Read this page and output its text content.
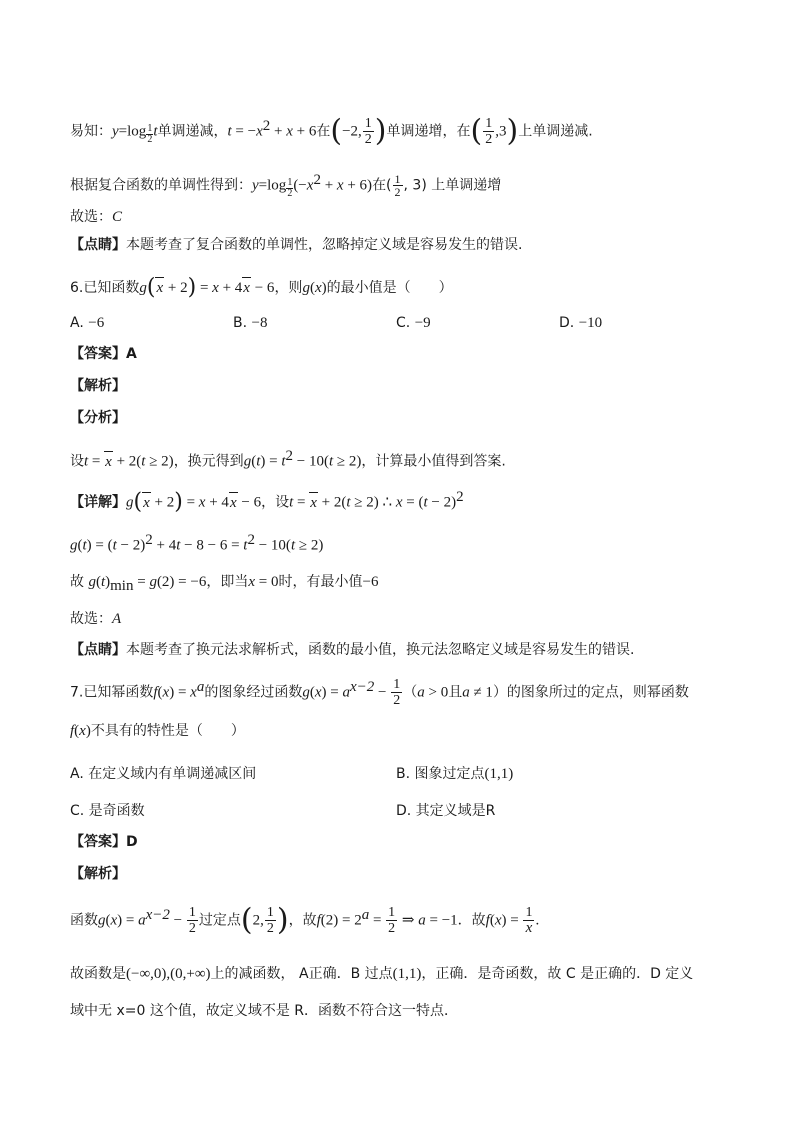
易知：$y=\log \frac{1}{2}$ t单调递减，$t = -x^2 + x + 6$在(−2, $\frac{1}{2}$ )单调递增，在( $\frac{1}{2} ,3$)上单调递减.
根据复合函数的单调性得到：$y=\log \frac{1}{2} (-x^2 + x + 6)$在( $\frac{1}{2}$ , 3) 上单调递增
故选：C
【点睛】本题考查了复合函数的单调性，忽略掉定义域是容易发生的错误.
6.已知函数g(x + 2) = x + 4x − 6，则g(x)的最小值是（　　）
A. −6	B. −8	C. −9	D. −10
【答案】A
【解析】
【分析】
设t = x + 2(t ≥ 2)，换元得到$g(t) = t^2 - 10(t \ge 2)$，计算最小值得到答案.
【详解】g(x + 2) = x + 4x − 6，设t = x + 2(t ≥ 2) ∴ $x = (t - 2)^2$
$g(t) = (t - 2)^2 + 4t - 8 - 6 = t^2 - 10(t \ge 2)$
故 $g(t)_{min} = g(2) = -6$，即当x = 0时，有最小值−6
故选：A
【点睛】本题考查了换元法求解析式，函数的最小值，换元法忽略定义域是容易发生的错误.
7.已知幂函数$f(x) = x^a$的图象经过函数$g(x) = a^{x-2} - \frac{1}{2} (a > 0$且a ≠ 1）的图象所过的定点，则幂函数
f(x)不具有的特性是（　　）
A. 在定义域内有单调递减区间	B. 图象过定点(1,1)
C. 是奇函数	D. 其定义域是R
【答案】D
【解析】
函数$g(x) = a^{x-2} - \frac{1}{2}$ 过定点(2, $\frac{1}{2}$ )，故$f(2) = 2^a = \frac{1}{2}$ ⇒ a = −1．故$f(x) = \frac{1}{x}$ .
故函数是(−∞,0),(0,+∞)上的减函数， A正确．B 过点(1,1)，正确．是奇函数，故 C 是正确的．D 定义
域中无 x=0 这个值，故定义域不是 R．函数不符合这一特点．
